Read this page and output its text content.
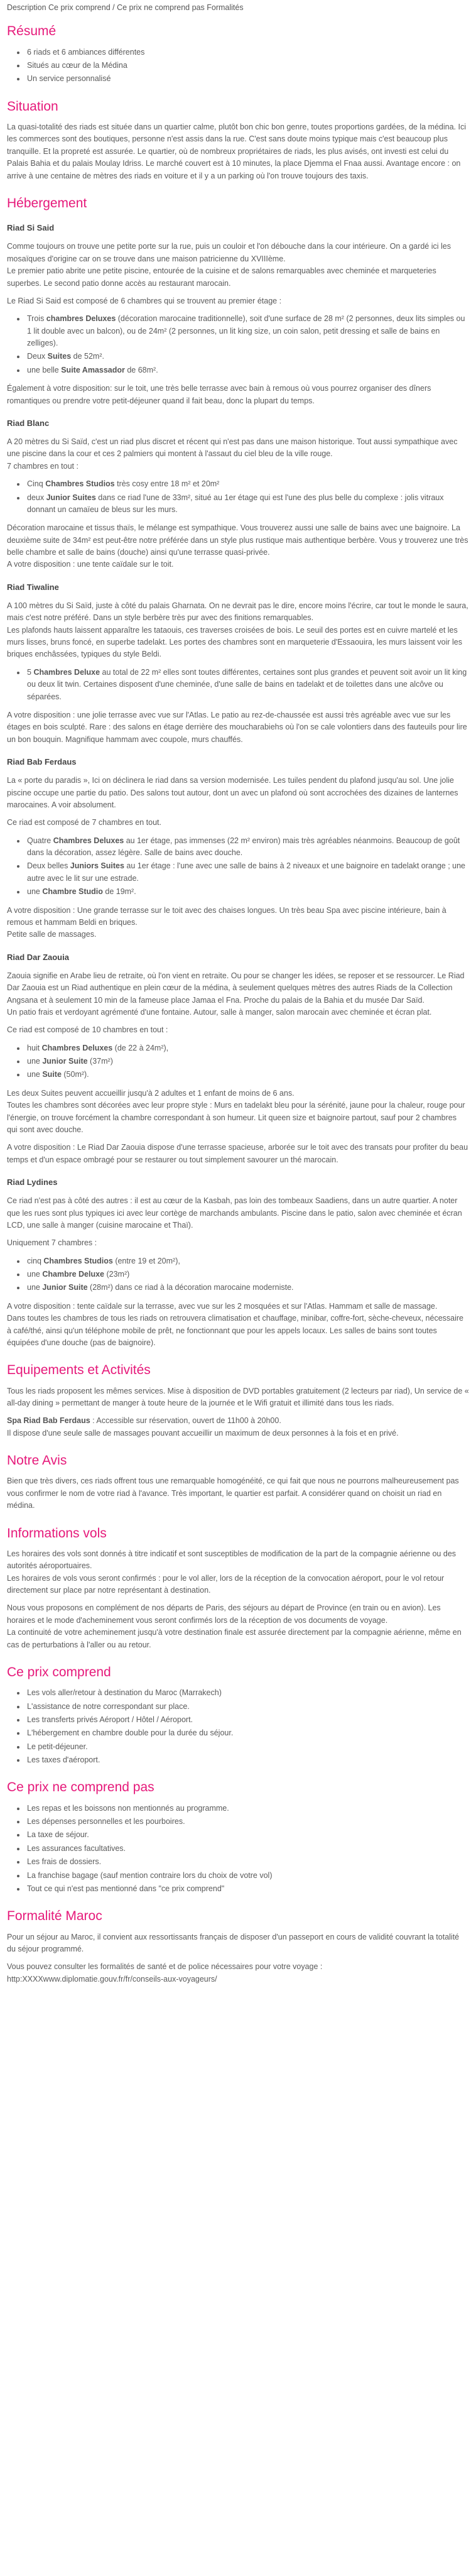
Description Ce prix comprend / Ce prix ne comprend pas Formalités
Résumé
• 6 riads et 6 ambiances différentes
• Situés au cœur de la Médina
• Un service personnalisé
Situation

La quasi-totalité des riads est située dans un quartier calme, plutôt bon chic bon genre, toutes proportions gardées, de la médina. Ici les commerces sont des boutiques, personne n'est assis dans la rue. C'est sans doute moins typique mais c'est beaucoup plus tranquille. Et la propreté est assurée. Le quartier, où de nombreux propriétaires de riads, les plus avisés, ont investi est celui du Palais Bahia et du palais Moulay Idriss. Le marché couvert est à 10 minutes, la place Djemma el Fnaa aussi. Avantage encore : on arrive à une centaine de mètres des riads en voiture et il y a un parking où l'on trouve toujours des taxis.

Hébergement
Riad Si Said

Comme toujours on trouve une petite porte sur la rue, puis un couloir et l'on débouche dans la cour intérieure. On a gardé ici les mosaïques d'origine car on se trouve dans une maison patricienne du XVIIIème.
Le premier patio abrite une petite piscine, entourée de la cuisine et de salons remarquables avec cheminée et marqueteries superbes. Le second patio donne accès au restaurant marocain.

Le Riad Si Said est composé de 6 chambres qui se trouvent au premier étage :

• Trois chambres Deluxes (décoration marocaine traditionnelle), soit d'une surface de 28 m² (2 personnes, deux lits simples ou 1 lit double avec un balcon), ou de 24m² (2 personnes, un lit king size, un coin salon, petit dressing et salle de bains en zelliges).
• Deux Suites de 52m².
• une belle Suite Amassador de 68m².

Également à votre disposition: sur le toit, une très belle terrasse avec bain à remous où vous pourrez organiser des dîners romantiques ou prendre votre petit-déjeuner quand il fait beau, donc la plupart du temps.

Riad Blanc

A 20 mètres du Si Saïd, c'est un riad plus discret et récent qui n'est pas dans une maison historique. Tout aussi sympathique avec une piscine dans la cour et ces 2 palmiers qui montent à l'assaut du ciel bleu de la ville rouge.
7 chambres en tout :

• Cinq Chambres Studios très cosy entre 18 m² et 20m²
• deux Junior Suites dans ce riad l'une de 33m², situé au 1er étage qui est l'une des plus belle du complexe : jolis vitraux donnant un camaïeu de bleus sur les murs.

Décoration marocaine et tissus thaïs, le mélange est sympathique. Vous trouverez aussi une salle de bains avec une baignoire. La deuxième suite de 34m² est peut-être notre préférée dans un style plus rustique mais authentique berbère. Vous y trouverez une très belle chambre et salle de bains (douche) ainsi qu'une terrasse quasi-privée.
A votre disposition : une tente caïdale sur le toit.

Riad Tiwaline

A 100 mètres du Si Saïd, juste à côté du palais Gharnata. On ne devrait pas le dire, encore moins l'écrire, car tout le monde le saura, mais c'est notre préféré. Dans un style berbère très pur avec des finitions remarquables.
Les plafonds hauts laissent apparaître les tataouis, ces traverses croisées de bois. Le seuil des portes est en cuivre martelé et les murs lisses, bruns foncé, en superbe tadelakt. Les portes des chambres sont en marqueterie d'Essaouira, les murs laissent voir les briques enchâssées, typiques du style Beldi.

• 5 Chambres Deluxe au total de 22 m² elles sont toutes différentes, certaines sont plus grandes et peuvent soit avoir un lit king ou deux lit twin. Certaines disposent d'une cheminée, d'une salle de bains en tadelakt et de toilettes dans une alcôve ou séparées.

A votre disposition : une jolie terrasse avec vue sur l'Atlas. Le patio au rez-de-chaussée est aussi très agréable avec vue sur les étages en bois sculpté. Rare : des salons en étage derrière des moucharabiehs où l'on se cale volontiers dans des fauteuils pour lire un bon bouquin. Magnifique hammam avec coupole, murs chauffés.

Riad Bab Ferdaus

La « porte du paradis », Ici on déclinera le riad dans sa version modernisée. Les tuiles pendent du plafond jusqu'au sol. Une jolie piscine occupe une partie du patio. Des salons tout autour, dont un avec un plafond où sont accrochées des dizaines de lanternes marocaines. A voir absolument.

Ce riad est composé de 7 chambres en tout.

• Quatre Chambres Deluxes au 1er étage, pas immenses (22 m² environ) mais très agréables néanmoins. Beaucoup de goût dans la décoration, assez légère. Salle de bains avec douche.
• Deux belles Juniors Suites au 1er étage : l'une avec une salle de bains à 2 niveaux et une baignoire en tadelakt orange ; une autre avec le lit sur une estrade.
• une Chambre Studio de 19m².

A votre disposition : Une grande terrasse sur le toit avec des chaises longues. Un très beau Spa avec piscine intérieure, bain à remous et hammam Beldi en briques.
Petite salle de massages.

Riad Dar Zaouia

Zaouia signifie en Arabe lieu de retraite, où l'on vient en retraite. Ou pour se changer les idées, se reposer et se ressourcer. Le Riad Dar Zaouia est un Riad authentique en plein cœur de la médina, à seulement quelques mètres des autres Riads de la Collection Angsana et à seulement 10 min de la fameuse place Jamaa el Fna. Proche du palais de la Bahia et du musée Dar Saïd.
Un patio frais et verdoyant agrémenté d'une fontaine. Autour, salle à manger, salon marocain avec cheminée et écran plat.

Ce riad est composé de 10 chambres en tout :

• huit Chambres Deluxes (de 22 à 24m²),
• une Junior Suite (37m²)
• une Suite (50m²).

Les deux Suites peuvent accueillir jusqu'à 2 adultes et 1 enfant de moins de 6 ans.
Toutes les chambres sont décorées avec leur propre style : Murs en tadelakt bleu pour la sérénité, jaune pour la chaleur, rouge pour l'énergie, on trouve forcément la chambre correspondant à son humeur. Lit queen size et baignoire partout, sauf pour 2 chambres qui sont avec douche.

A votre disposition : Le Riad Dar Zaouia dispose d'une terrasse spacieuse, arborée sur le toit avec des transats pour profiter du beau temps et d'un espace ombragé pour se restaurer ou tout simplement savourer un thé marocain.

Riad Lydines

Ce riad n'est pas à côté des autres : il est au cœur de la Kasbah, pas loin des tombeaux Saadiens, dans un autre quartier. A noter que les rues sont plus typiques ici avec leur cortège de marchands ambulants. Piscine dans le patio, salon avec cheminée et écran LCD, une salle à manger (cuisine marocaine et Thaï).

Uniquement 7 chambres :

• cinq Chambres Studios (entre 19 et 20m²),
• une Chambre Deluxe (23m²)
• une Junior Suite (28m²) dans ce riad à la décoration marocaine moderniste.

A votre disposition : tente caïdale sur la terrasse, avec vue sur les 2 mosquées et sur l'Atlas. Hammam et salle de massage.
Dans toutes les chambres de tous les riads on retrouvera climatisation et chauffage, minibar, coffre-fort, sèche-cheveux, nécessaire à café/thé, ainsi qu'un téléphone mobile de prêt, ne fonctionnant que pour les appels locaux. Les salles de bains sont toutes équipées d'une douche (pas de baignoire).

Equipements et Activités

Tous les riads proposent les mêmes services. Mise à disposition de DVD portables gratuitement (2 lecteurs par riad), Un service de « all-day dining » permettant de manger à toute heure de la journée et le Wifi gratuit et illimité dans tous les riads.

Spa Riad Bab Ferdaus : Accessible sur réservation, ouvert de 11h00 à 20h00.
Il dispose d'une seule salle de massages pouvant accueillir un maximum de deux personnes à la fois et en privé.

Notre Avis

Bien que très divers, ces riads offrent tous une remarquable homogénéité, ce qui fait que nous ne pourrons malheureusement pas vous confirmer le nom de votre riad à l'avance. Très important, le quartier est parfait. A considérer quand on choisit un riad en médina.

Informations vols

Les horaires des vols sont donnés à titre indicatif et sont susceptibles de modification de la part de la compagnie aérienne ou des autorités aéroportuaires.
Les horaires de vols vous seront confirmés : pour le vol aller, lors de la réception de la convocation aéroport, pour le vol retour directement sur place par notre représentant à destination.

Nous vous proposons en complément de nos départs de Paris, des séjours au départ de Province (en train ou en avion). Les horaires et le mode d'acheminement vous seront confirmés lors de la réception de vos documents de voyage.
La continuité de votre acheminement jusqu'à votre destination finale est assurée directement par la compagnie aérienne, même en cas de perturbations à l'aller ou au retour.

Ce prix comprend
• Les vols aller/retour à destination du Maroc (Marrakech)
• L'assistance de notre correspondant sur place.
• Les transferts privés Aéroport / Hôtel / Aéroport.
• L'hébergement en chambre double pour la durée du séjour.
• Le petit-déjeuner.
• Les taxes d'aéroport.
Ce prix ne comprend pas
• Les repas et les boissons non mentionnés au programme.
• Les dépenses personnelles et les pourboires.
• La taxe de séjour.
• Les assurances facultatives.
• Les frais de dossiers.
• La franchise bagage (sauf mention contraire lors du choix de votre vol)
• Tout ce qui n'est pas mentionné dans "ce prix comprend"
Formalité Maroc

Pour un séjour au Maroc, il convient aux ressortissants français de disposer d'un passeport en cours de validité couvrant la totalité du séjour programmé.

Vous pouvez consulter les formalités de santé et de police nécessaires pour votre voyage :
http:XXXXwww.diplomatie.gouv.fr/fr/conseils-aux-voyageurs/
